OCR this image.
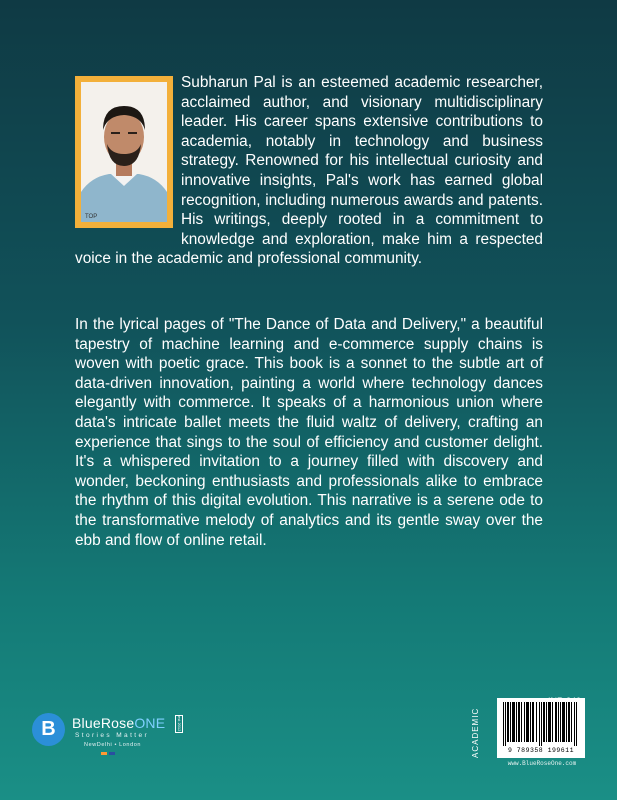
TOP

Subharun Pal is an esteemed academic researcher, acclaimed author, and visionary multidisciplinary leader. His career spans extensive contributions to academia, notably in technology and business strategy. Renowned for his intellectual curiosity and innovative insights, Pal's work has earned global recognition, including numerous awards and patents. His writings, deeply rooted in a commitment to knowledge and exploration, make him a respected voice in the academic and professional community.

In the lyrical pages of "The Dance of Data and Delivery," a beautiful tapestry of machine learning and e-commerce supply chains is woven with poetic grace. This book is a sonnet to the subtle art of data-driven innovation, painting a world where technology dances elegantly with commerce. It speaks of a harmonious union where data's intricate ballet meets the fluid waltz of delivery, crafting an experience that sings to the soul of efficiency and customer delight. It's a whispered invitation to a journey filled with discovery and wonder, beckoning enthusiasts and professionals alike to embrace the rhythm of this digital evolution. This narrative is a serene ode to the transformative melody of analytics and its gentle sway over the ebb and flow of online retail.

ACADEMIC	9 789358 199611
www.BlueRoseOne.com
B BlueRoseONE	est 2012
Stories Matter
NewDelhi • London
